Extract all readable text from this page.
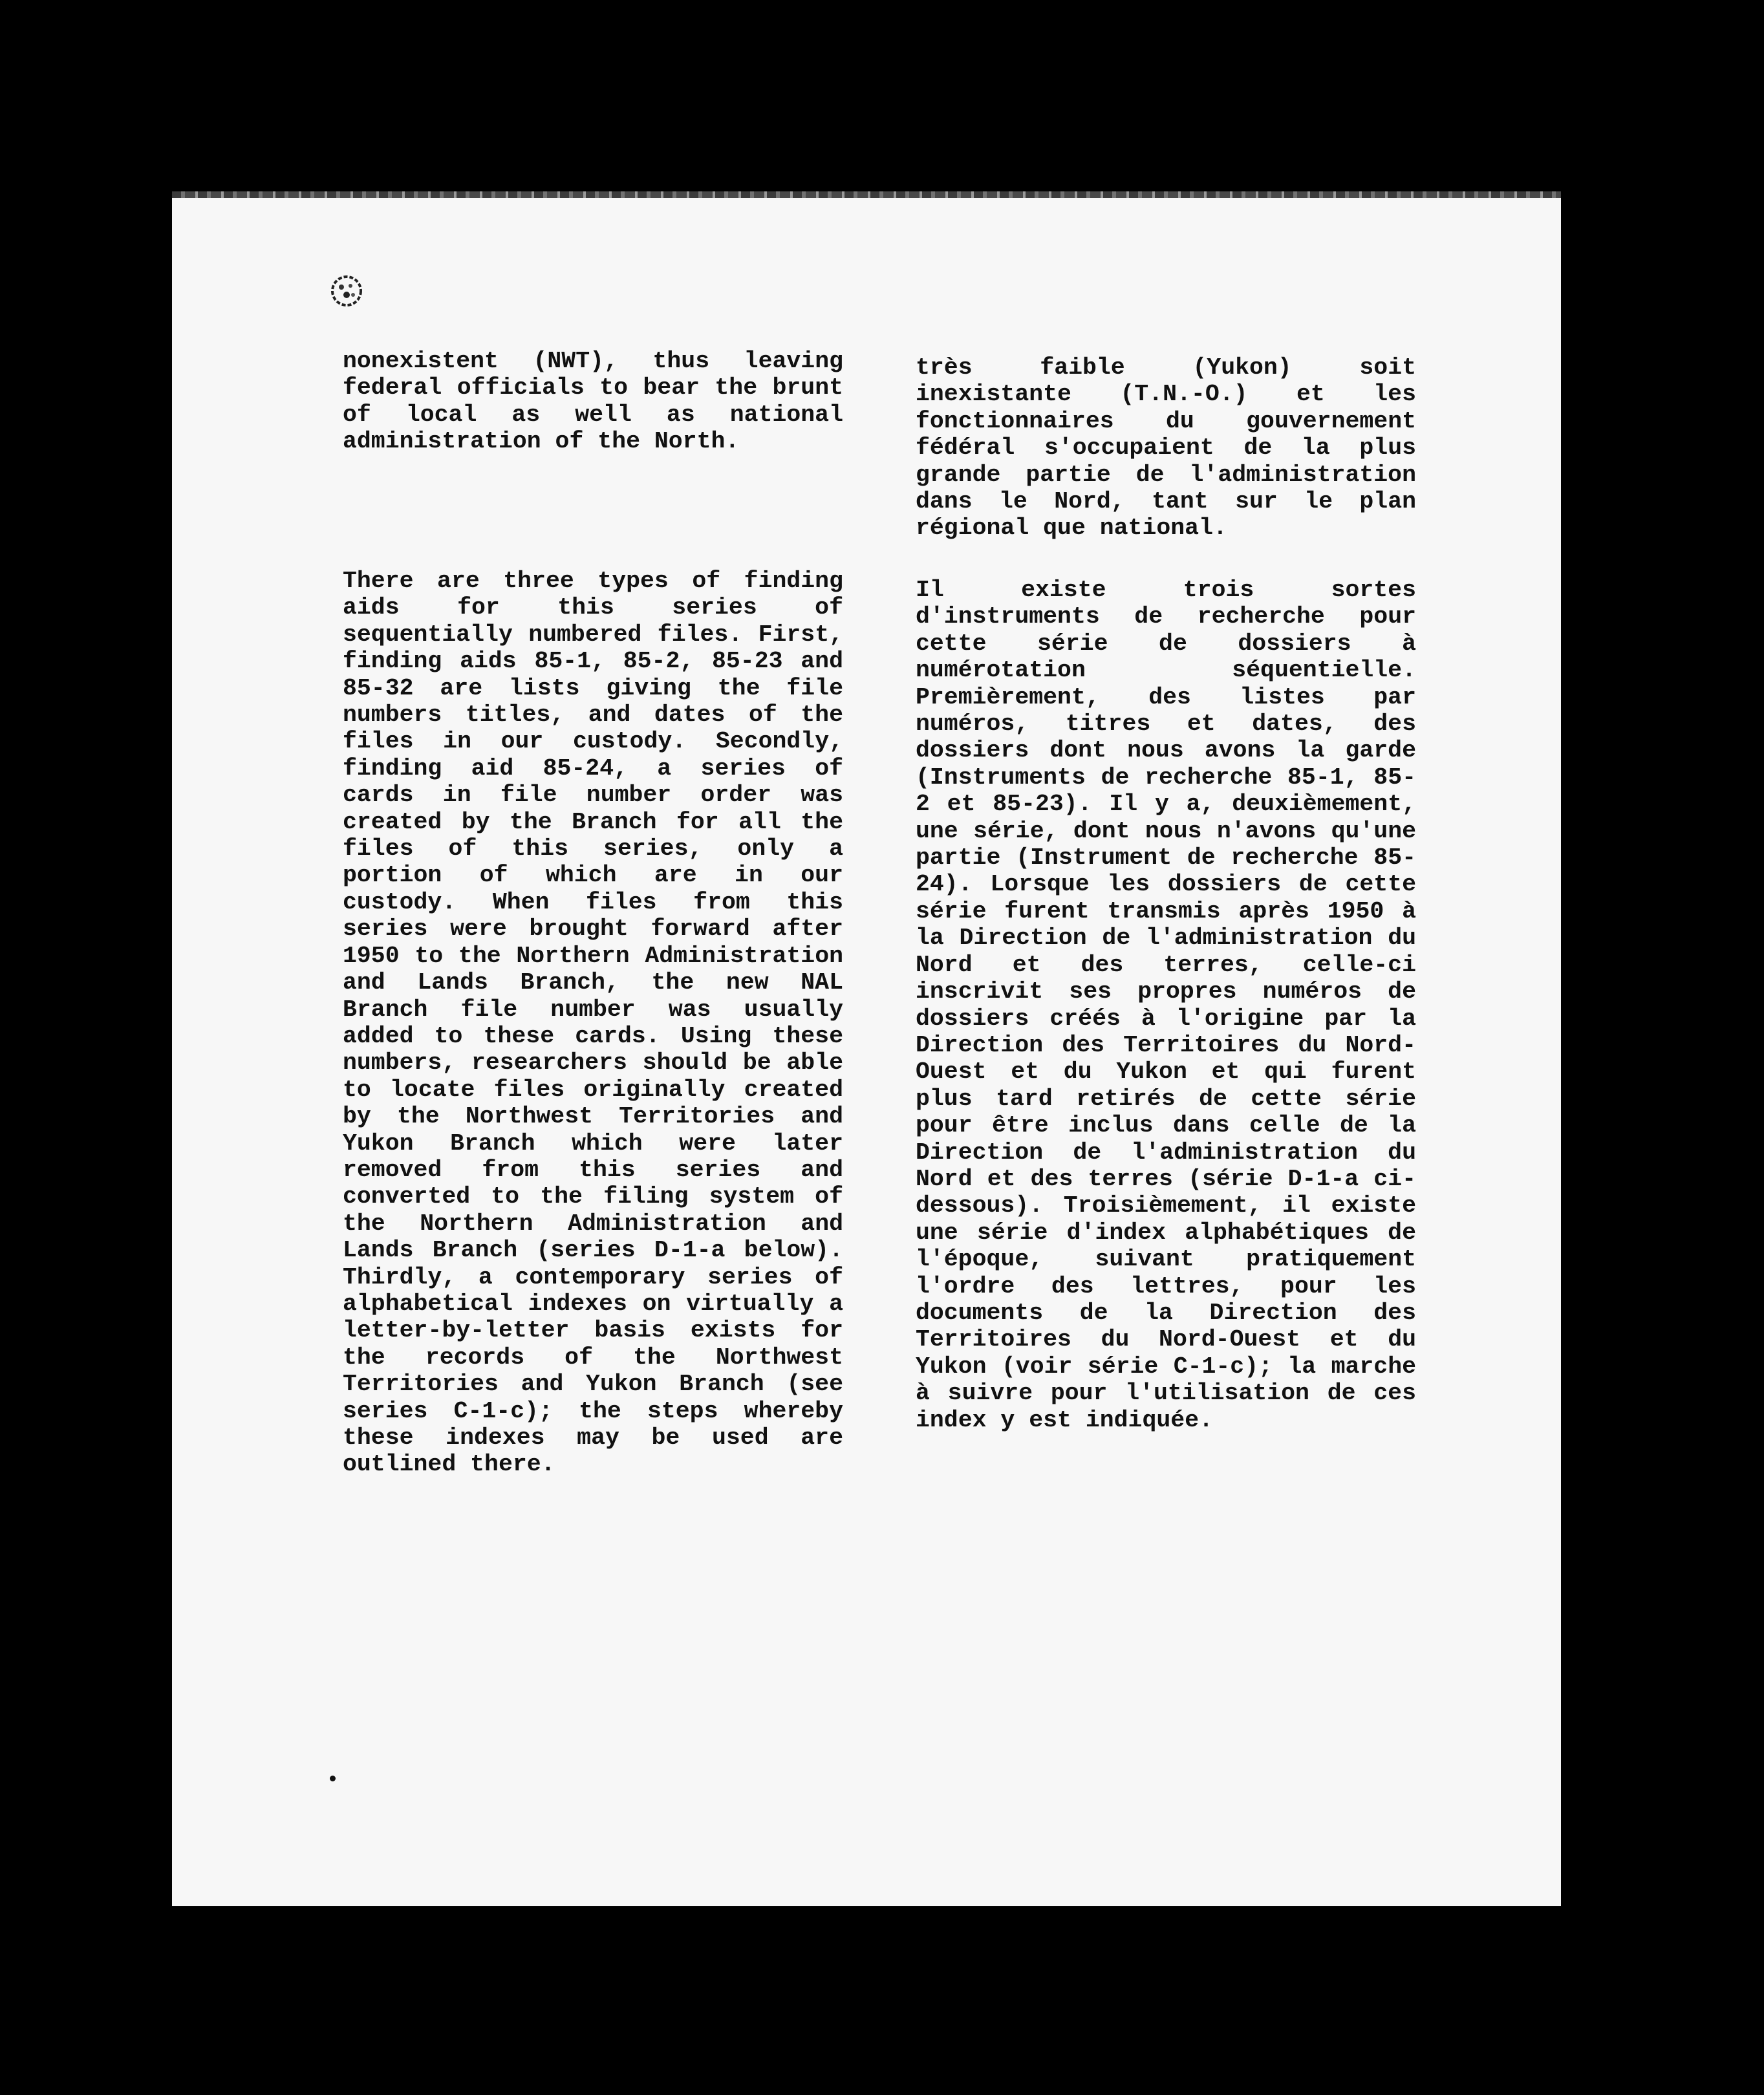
nonexistent (NWT), thus leaving federal officials to bear the brunt of local as well as national administration of the North.
There are three types of finding aids for this series of sequentially numbered files. First, finding aids 85-1, 85-2, 85-23 and 85-32 are lists giving the file numbers titles, and dates of the files in our custody. Secondly, finding aid 85-24, a series of cards in file number order was created by the Branch for all the files of this series, only a portion of which are in our custody. When files from this series were brought forward after 1950 to the Northern Administration and Lands Branch, the new NAL Branch file number was usually added to these cards. Using these numbers, researchers should be able to locate files originally created by the Northwest Territories and Yukon Branch which were later removed from this series and converted to the filing system of the Northern Administration and Lands Branch (series D-1-a below). Thirdly, a contemporary series of alphabetical indexes on virtually a letter-by-letter basis exists for the records of the Northwest Territories and Yukon Branch (see series C-1-c); the steps whereby these indexes may be used are outlined there.
très faible (Yukon) soit inexistante (T.N.-O.) et les fonctionnaires du gouvernement fédéral s'occupaient de la plus grande partie de l'administration dans le Nord, tant sur le plan régional que national.
Il existe trois sortes d'instruments de recherche pour cette série de dossiers à numérotation séquentielle. Premièrement, des listes par numéros, titres et dates, des dossiers dont nous avons la garde (Instruments de recherche 85-1, 85-2 et 85-23). Il y a, deuxièmement, une série, dont nous n'avons qu'une partie (Instrument de recherche 85-24). Lorsque les dossiers de cette série furent transmis après 1950 à la Direction de l'administration du Nord et des terres, celle-ci inscrivit ses propres numéros de dossiers créés à l'origine par la Direction des Territoires du Nord-Ouest et du Yukon et qui furent plus tard retirés de cette série pour être inclus dans celle de la Direction de l'administration du Nord et des terres (série D-1-a ci-dessous). Troisièmement, il existe une série d'index alphabétiques de l'époque, suivant pratiquement l'ordre des lettres, pour les documents de la Direction des Territoires du Nord-Ouest et du Yukon (voir série C-1-c); la marche à suivre pour l'utilisation de ces index y est indiquée.
